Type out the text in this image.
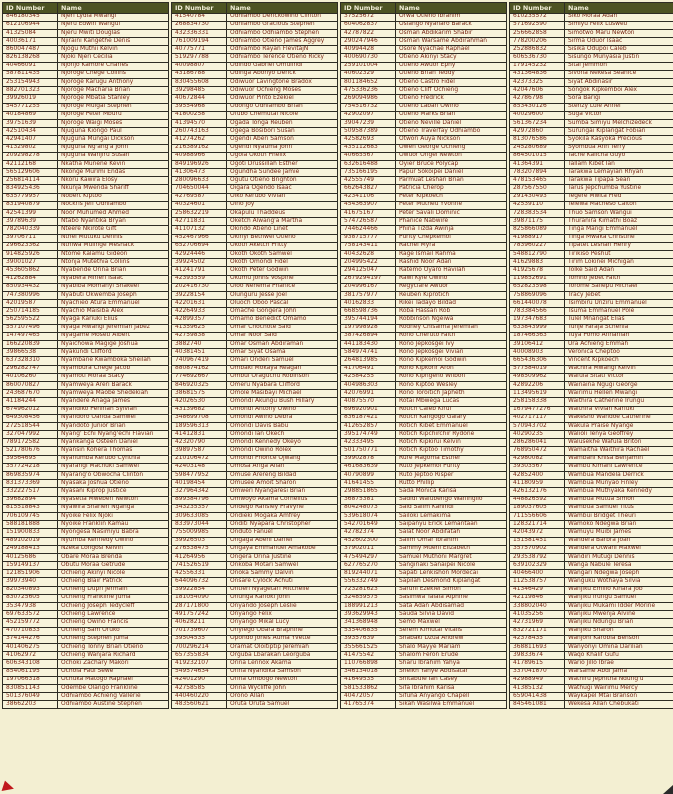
ID Number	Name
846180345	Njeri Lydia Mwangi
612106944	Njeru Edwin Wangui
41325084	Njeru Mwiti Douglas
40036171	Njiraini Kangethe Denis
860047487	Njogu Muthii Kelvin
826138268	Njoki Njeri Cecilia
40466091	Njonjo Kamore Charles
587811435	Njoroge Chege Collins
253154943	Njoroge Karugu Anthony
882701323	Njoroge Macharia Brian
39926019	Njoroge Mbatia Stanley
545771255	Njoroge Muigai Stephen
40184869	Njoroge Peter Mburu
39751639	Njoroge Waigi Moses
42510434	Njuguna Kiongo Paul
42941407	Njuguna Mungai Dickson
41329802	Njuguna Ng'ang'a John
209298278	Njuguna Wanjiru Susan
42112168	Nkatha Munene Kevin
565129606	Nkonge Murimi Endas
256814114	Nkoru Kawira Elosy
834925436	Nkunja Mwenda Shariff
635779957	Nobert Kiptoo
831940879	Nockris Jeff Odhiambo
42541399	Noor Muhumed Ahmed
39789639	Ntabo Nyantika Bryan
782040339	Nteere Nkirote Gift
39706711	Nthei Mutuku Dennis
296623362	Nthiwa Mulinge Meshack
914825926	Ntome Kalamu Gideon
39001027	Ntonja Mutethia Collins
453605862	Nyabende Orina Brian
41262884	Nyabera Mirieri Isaac
850934432	Nyabiba Momanyi Shakeel
747380996	Nyabuti Okwemba Joseph
42019587	Nyachieo Atura Emmanuel
250714185	Nyachio Maisiba Alex
562595522	Nyaga Kariuki Elius
557107496	Nyaga Mwangi Jeremiah Jabez
147497465	Nyagame Moseti Albert
166220839	Nyaichowa Magige Joshua
39866538	Nyakundi Clifford
637328310	Nyambane Kwamboka Sheilah
296282747	Nyambura Chege Jacob
40106260	Nyamoti Moraa Stacy
860070827	Nyamweya Areri Barack
243687670	Nyamweya Maobe Shedekiah
41184244	Nyandere Ariaga James
674962012	Nyandiko Peninah Sylviah
649308456	Nyandoro Oanda Samwel
272518544	Nyandoto Junior Brian
327047992	Nyang' Echi Nyang'echi Flavian
789172582	Nyankanga Osteen Daniel
521780676	Nyansin Kohera Thomas
39564695	Nyanumba Kerubo Cynthia
357724218	Nyarangi Machuki Samwel
869835974	Nyarang'o Obwocha Clinton
831373369	Nyasaka Joshua Otieno
332227517	Nyasani Kiprop Justice
39682894	Nyasetia Mweberi Newton
815518843	Nyawira Sharlen Nganga
706109745	Nyoike Felix Njoki
588181888	Nyoike Franklin Kamau
151900833	Nyongesa Nasimiyu Babra
489102019	Nyumba Kennedy Owino
249188413	Nzeka Longosi Kelvin
40125686	Obare Moraa Brenda
159149137	Obutu Moraa Getrude
121851906	Ochieng Akinyi Nicole
39973940	Ochieng Blair Patrick
820340893	Ochieng Dupri Jermain
830725605	Ochieng Frankline Juma
35347938	Ochieng Joseph Tedycleff
697633572	Ochieng Lawrence
452159772	Ochieng Owino Francis
470710833	Ochieng Sam Oruko
374144276	Ochieng Stephen Juma
401406275	Ochieng Tonny Brian Otieno
41062972	Ochieng Wanjara Richard
606343108	Ochoki Zachary Makori
854061195	Ochola Paul Sewe
197066318	Ochuka Matogo Raphael
830851143	Odembe Olango Frankline
501376049	Odhiambo Achieng Vallerie
38662203	Odhiambo Austine Stephen
ID Number	Name
41540784	Odhiambo Derickowino Clinton
268834730	Odhiambo Gracious Stephen
432336331	Odhiambo Odhiambo Stephen
761009194	Odhiambo Otieno James Aggrey
40775771	Odhiambo Rayan FlevitájN
519297788	Odhiambo Terence Otieno Ricky
40098807	Odindo Gabriel Omulindi
43186788	Odinga Abonyo Derick
830455608	Odiwuor Lavingtone Bradox
39298485	Odiwuor Ochieng Moses
40672844	Odiwuor Pinto Ezekiel
39554968	Odongo Odhiambo Brian
41800258	Ofubo Chemutai Nicole
41394570	Ogada Tonga Reuben
260743163	Ogega Bosibori Susan
41274262	Ogendi Aberi Samson
216389162	Ogendi Nyauma John
40988966	Ogola Okoth Phelix
849196926	Ogoti Drussillah Esther
41306473	Ogundha Sundee Jamie
280096633	Ogutu Otieno Brighton
704650044	Oigara Ogendo Isaac
42769587	Oiko Kerubo Vivian
40324601	Oino Joy
258632219	Okapulu Thaddeus
42711831	Oketch Alwang'a Martha
41107132	Okindo Atieno Linet
452467966	Okinyi Bethwel Otieno
652706694	Okoth Aketch Pritty
42924446	Okoth Okoth Samwel
39924502	Okoth Omondi Fidel
41241791	Okoth Peter Godwin
42393559	Okumu Johns Vospine
202416730	Oloo Nehema Phanice
39228154	Olunguru Jesse Joel
42201631	Oluoch Oboo Pascal
42264933	Omache Gongera John
42899357	Omamo Benedict Omamo
41359625	Omar Chochote Said
42759838	Omar Noor Said
3882740	Omar Osman Abdiraman
40381451	Omar Siyat Osama
740967419	Omari Onderi Samuel
880874162	Ombaki Mokaya Reagan
774692667	Ombui Oraguchu Robinson
846920325	Omeru Nyabara Clifford
38681575	Omole Masibayi Michael
42026530	Omondi Akungu Bush Hillary
43139682	Omondi Antony Owino
348699708	Omondi Awino Debra
189596313	Omondi Davis Babu
41412831	Omondi Ian Okech
42320790	Omondi Kennedy Okeyo
39897587	Omondi Owino Rolex
210106472	Omondi Phonce Ojwang
42403148	Omosa Ariga Allan
598477952	Omuse Arereng Bildad
40198454	Omusee Amoit Sharon
327964342	Omweri Nyangaresi Brian
899384796	Omwoyo Akama Cornelius
343235357	Ondego Ransley Pravyne
309633085	Ondieki Mogaka Amfrey
833973044	Onditi Nyapara Christopher
755009985	Onduto Fanuel
39926503	Ongaga Abeni Daniel
276538475	Ongaya Emmanuel Amakobe
41264956	Ongera Orina Justine
741526519	Onkoba Motari Samwel
42556331	Onoka Sammy Dalvin
644096732	Onsare Cylock Achuti
39922854	Ontieri Nyagetari Mitchelle
181054090	Onunga Karioki John
287171800	Onyando Joseph Leslie
491757242	Onyango Felix
40628211	Onyango Mikal Lucy
701739607	Onyiego Obara Braphine
39504535	Opondo Jones Auma Yvette
700296214	Oramat Oloitiptip Jeremiah
657355834	Orguba Lbarakan Leorguba
419232107	Orina Lennox Akama
549574634	Orina Nyandika Samson
42401290	Orina Ombogo Newton
42758585	Orina Wycliffe John
440460220	Orono Allan
483560621	Oruta Oruta Samuel
ID Number	Name
37525672	Orwa Otieno Ibrahim
604062837	Osiango Nyanaro Barack
42787822	Osman Abdikarim Shabir
290247946	Osman Warsame Abdirahman
40994428	Osore Nyachae Raphael
400690730	Otieno Akinyi Stacy
259101004	Otieno Awuor Ephy
40602329	Otieno Brian Teddy
801184652	Otieno Castro Fidel
475336236	Otieno Cliff Ochieng
269094986	Otieno Fredrick
754516732	Otieno Laban Owino
42902097	Otieno Marks Brian
39047239	Otieno Neville Daniel
509587389	Otieno Traverfay Odhiambo
42582693	Otwori Auya Nickson
435112683	Owen George Ochieng
40665567	Owuor Ongei Newton
632616488	Oyier Bruce Polycap
735166195	Papur Sokoipei Daniel
42555749	Parmuat Leshan Brian
662643827	Patricia Cherop
42341106	Peter Kipkoech
454363907	Peter Mutheu Yvonne
41675167	Peter Savali Dominic
574726587	Phanice Nabwire
744624466	Phina Tizda Awinja
938715777	Purity Chepkemoi
758143411	Rachel Myra
40432628	Rage Ismail Rahma
204995422	Rashid Noor Adan
294125047	Ratemo Oyaro Havilah
2679294197	Rawi Kyle Owino
204996167	Regyclare Awuor
381757977	Reuben Kiprotich
40162833	Rikei Tadayo Bildad
668598736	Roba Hassan Rob
395744194	Robbinson Ngeiwa
197998928	Rodney Chisaima Jeremiah
387426894	Rono Cheruto Faith
441183430	Rono Jepkosgei Ivy
584974741	Rono Jepkosgei Vivian
264813985	Rono Kipkemoi Godwin
41706491	Rono Kipkorir Aron
42584255	Rono Kipngeno Wilbon
404986303	Rono Kiptoo Wesley
42076991	Rono Toroitich Japheth
40875570	Rotai Mbwega Lucas
696920901	Rotich Caleb Kirui
836187421	Rotich Kangogo Galary
412652857	Rotich Kibet Emmanuel
395174749	Rotich Kipchirchir Rydone
42333495	Rotich Kipkirui Kelvin
501750771	Rotich Kiptoo Timothy
39902878	Rure Magoma Esther
461683639	Ruto Jepkemoi Purity
40790899	Ruto Jeptoo Risper
41641455	Rutto Phillip
298851865	Sada Monica Karisa
36875381	Sadidi Walubengo Waningilo
804248073	Said Salim Kahindi
539618074	Sailoki Lemakima
542701649	Saipanyu Erick Lemantaan
42782374	Salat Noor Abdifatah
452602300	Salim Omar Ibrahim
37902011	Sammy Mueni Elizabeth
475494297	Samuel Muthoni Margret
627765270	Sangiriaki Sanaipei Nicole
819244071	Sapati Lenkishon Mordecai
556332749	Sapilah Desmond Kiplangat
723281623	Saruni Ezekiel Simon
324859575	Sasimwa Talala Alphine
188991213	Sata Adan Abdisamad
393629943	Sauda Silvia David
341368948	Semo Maxwel
535406835	Serem Kimutai Vitalis
39357639	Shabaki Dzua Andrew
355661525	Shalo Mayye Mariam
41475542	Shalom Feron Erude
110766898	Sharu Ibrahim Yahya
346134018	Sheikh Yahye Abdisatar
41649535	Shitabule Ian Casey
581533862	Sifa Ibrahim Karisa
40472057	Sifuna Anyango Chapell
41765374	Sikah Wasilwa Emmanuel
ID Number	Name
610235572	Siko Moraa Adah
571692590	Simiyu Felix Lusweti
256662858	Simotwo Maru Newton
778200206	Sirma Oduor Isaac
252886832	Sisika Odupoi Caleb
606536730	Sisungo Munyasia Justin
179145232	Sitai Jemmoh
431364836	Sivona Nekesa Seanice
42373325	Siyat Abdinasir
42047606	Songok Kipkemboi Alex
42786798	Sora Barigi
853430126	Stenzy Lule Annel
40029600	Suga Victor
561367234	Sumba Simiyu Melchizedeck
42972860	Surungai Kiplangat Fobian
813076586	Syokila Kasyoka Precious
245280689	Syombua Ann Terry
864501015	Tache Kalicha Guyo
41364391	Tallam Kibet Ian
783207894	Tarakwa Lemayian Rhyan
478153465	Tarakwa Tipapa Sean
287567550	Tarus Jepchumba Yustine
291430493	Tegere Mwita Fred
42539110	Telewa Macheso Calton
728383534	Thuo Samson Wangui
39871175	Thuranira Kimathi Boaz
825866089	Tinga Mangi Emmanuel
41988917	Tinga Mwaka Christine
783960227	Tipatet Leshan Henry
548812790	Tirikiso Peshut
41629883	Tirim Lokinei Michigan
41925678	Tolke Said Adan
119852691	Tomno Jebet Faith
652823598	Torome Sailepu Michael
758869096	Tracy Jebet
661440078	Tsimbiru Unziru Emmanuel
783384566	Tsuma Emmanuel Pole
197347683	Tulel Mnangat Elias
633843999	Tunje Faraja Schenia
187466363	Tuya Pomo Annaniah
39106412	Ura Achieng Emmah
40008903	Veronica Cheptoo
665436306	Vincent Kipkoech
577584019	Wachira Mwangi Kelvin
498509962	Wafula Sitati Victor
42892206	Wainaina Ngugi George
113495619	Wairimu Hellen Mwangi
258158338	Waithira Catherine Irungu
1679477276	Waithira Vivian Kariuki
402717117	Wakesho Wandoe Catherine
570943702	Wakula Praise Nyange
40290235	Walioli Tenya Geoffrey
286286041	Walusekhe Wafula Briton
768950472	Wamaitha Waithira Rachael
42980082	Wambani Khisa Benjamin
39303567	Wambu Kimani Lawrence
42852400	Wambua Mandela Derrick
41180959	Wambua Munyao Finley
426132176	Wambua Muthyaka Kennedy
448826592	Wambua Mutua Simon
189037605	Wambua Samuel Titus
711556606	Wambui Bridget Theuri
128321714	Wamoko Ndegwa Brian
42043972	Wamuyu Muibi James
151581451	Wandera Barbra Joan
357570902	Wandera Otwani Maxwel
293538792	Wandiri Mutugi Dennis
639102329	Wanga Nabule Teresa
40466400	Wangari Ndegwa Joseph
112538757	Wanguku Wothaya Silvia
41346429	Wanjiku Emilio Kihara Job
42119846	Wanjiku Irungu Samuel
338802040	Wanjiku Mukami Idder Morine
41035256	Wanjiku Mwenja Alvine
42731969	Wanjiku Ndungu Brian
832721171	Wanjiku Sharon
42378435	Wanjohi Karobia Benson
368811693	Wanyonyi Omina Darilian
39833674	Waqo Khalif Gufu
41789615	Wario Jillo Ibrae
337041870	Warsame Abdi Jama
42988949	Wathiru Jephitha Ndung'u
41385132	Wathugi Wairimu Mercy
659041438	Waykapel Mtai Branson
845461081	Wekesa Allan Chebukati
